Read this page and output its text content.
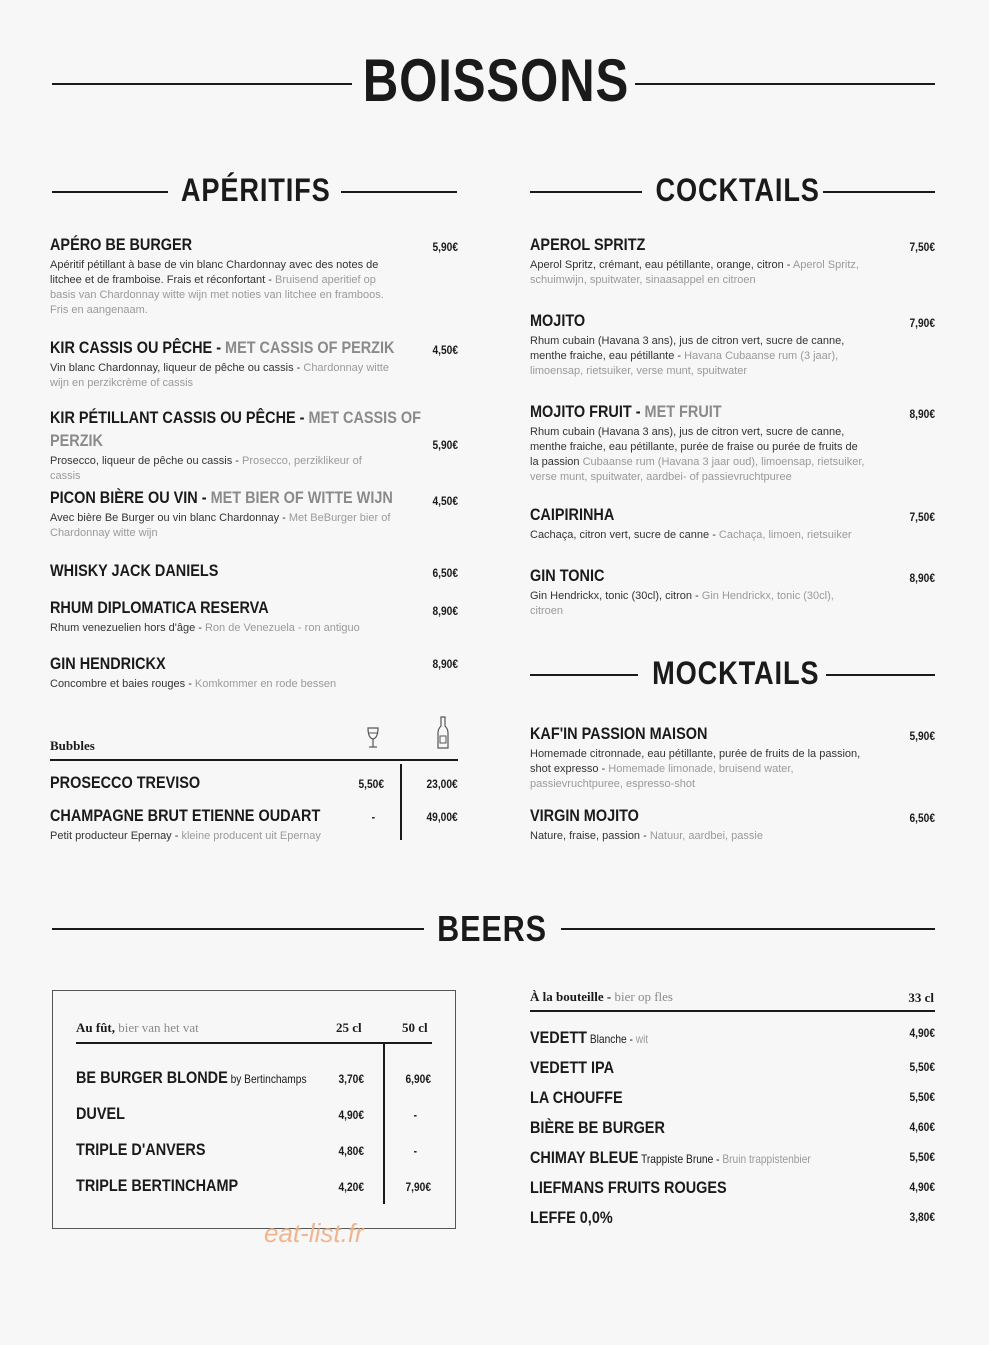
BOISSONS
APÉRITIFS
APÉRO BE BURGER
Apéritif pétillant à base de vin blanc Chardonnay avec des notes de litchee et de framboise. Frais et réconfortant - Bruisend aperitief op basis van Chardonnay witte wijn met noties van litchee en framboos. Fris en aangenaam.
5,90€
KIR CASSIS OU PÊCHE - MET CASSIS OF PERZIK
Vin blanc Chardonnay, liqueur de pêche ou cassis - Chardonnay witte wijn en perzikcrème of cassis
4,50€
KIR PÉTILLANT CASSIS OU PÊCHE - MET CASSIS OF
PERZIK
Prosecco, liqueur de pêche ou cassis - Prosecco, perziklikeur of cassis
5,90€
PICON BIÈRE OU VIN - MET BIER OF WITTE WIJN
Avec bière Be Burger ou vin blanc Chardonnay - Met BeBurger bier of Chardonnay witte wijn
4,50€
WHISKY JACK DANIELS	6,50€
RHUM DIPLOMATICA RESERVA
Rhum venezuelien hors d'âge - Ron de Venezuela - ron antiguo
8,90€
GIN HENDRICKX
Concombre et baies rouges - Komkommer en rode bessen
8,90€
Bubbles
PROSECCO TREVISO	5,50€	23,00€
CHAMPAGNE BRUT ETIENNE OUDART
Petit producteur Epernay - kleine producent uit Epernay
-	49,00€
COCKTAILS
APEROL SPRITZ
Aperol Spritz, crémant, eau pétillante, orange, citron - Aperol Spritz, schuimwijn, spuitwater, sinaasappel en citroen
7,50€
MOJITO
Rhum cubain (Havana 3 ans), jus de citron vert, sucre de canne, menthe fraiche, eau pétillante - Havana Cubaanse rum (3 jaar), limoensap, rietsuiker, verse munt, spuitwater
7,90€
MOJITO FRUIT - MET FRUIT
Rhum cubain (Havana 3 ans), jus de citron vert, sucre de canne, menthe fraiche, eau pétillante, purée de fraise ou purée de fruits de la passion Cubaanse rum (Havana 3 jaar oud), limoensap, rietsuiker, verse munt, spuitwater, aardbei- of passievruchtpuree
8,90€
CAIPIRINHA
Cachaça, citron vert, sucre de canne - Cachaça, limoen, rietsuiker
7,50€
GIN TONIC
Gin Hendrickx, tonic (30cl), citron - Gin Hendrickx, tonic (30cl), citroen
8,90€
MOCKTAILS
KAF'IN PASSION MAISON
Homemade citronnade, eau pétillante, purée de fruits de la passion, shot expresso - Homemade limonade, bruisend water, passievruchtpuree, espresso-shot
5,90€
VIRGIN MOJITO
Nature, fraise, passion - Natuur, aardbei, passie
6,50€
BEERS
Au fût, bier van het vat	25 cl	50 cl
BE BURGER BLONDE by Bertinchamps	3,70€	6,90€
DUVEL	4,90€	-
TRIPLE D'ANVERS	4,80€	-
TRIPLE BERTINCHAMP	4,20€	7,90€
À la bouteille - bier op fles	33 cl
VEDETT Blanche - wit	4,90€
VEDETT IPA	5,50€
LA CHOUFFE	5,50€
BIÈRE BE BURGER	4,60€
CHIMAY BLEUE Trappiste Brune - Bruin trappistenbier	5,50€
LIEFMANS FRUITS ROUGES	4,90€
LEFFE 0,0%	3,80€
eat-list.fr
